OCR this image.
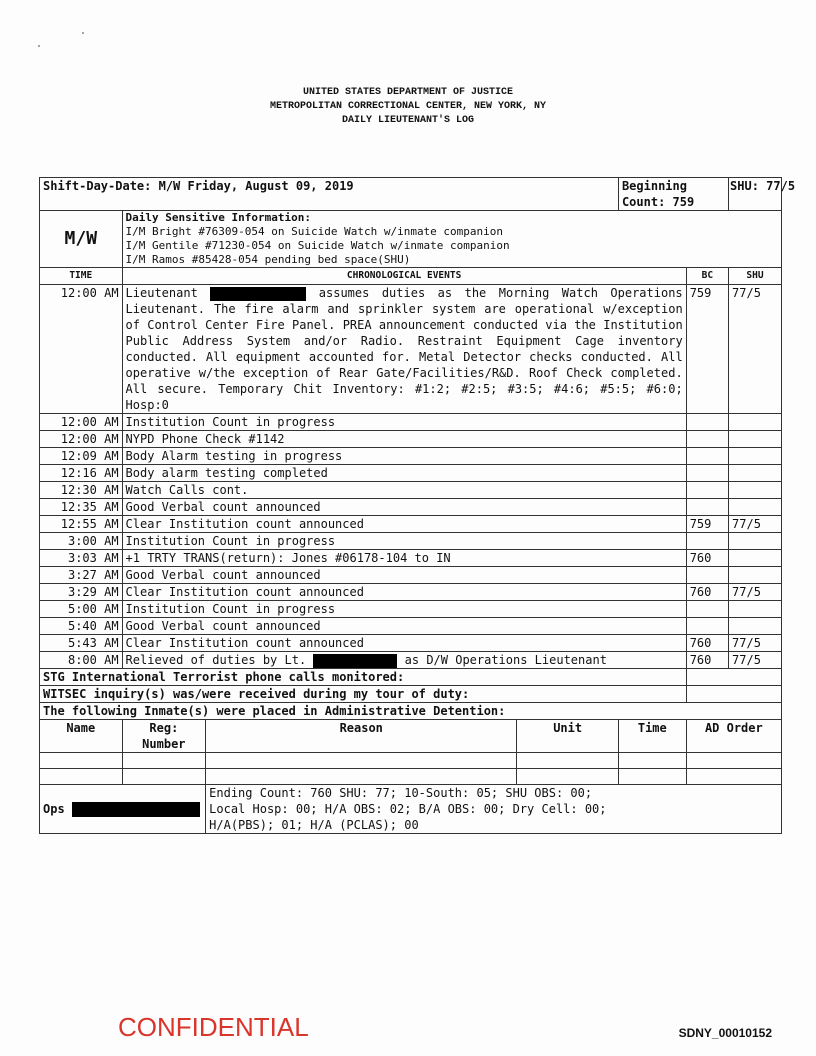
UNITED STATES DEPARTMENT OF JUSTICE
METROPOLITAN CORRECTIONAL CENTER, NEW YORK, NY
DAILY LIEUTENANT'S LOG
Shift-Day-Date: M/W Friday, August 09, 2019				Beginning Count: 759		SHU: 77/5
M/W	Daily Sensitive Information:
I/M Bright #76309-054 on Suicide Watch w/inmate companion
I/M Gentile #71230-054 on Suicide Watch w/inmate companion
I/M Ramos #85428-054 pending bed space(SHU)					

TIME	CHRONOLOGICAL EVENTS				BC	SHU
12:00 AM	Lieutenant assumes duties as the Morning Watch Operations Lieutenant. The fire alarm and sprinkler system are operational w/exception of Control Center Fire Panel. PREA announcement conducted via the Institution Public Address System and/or Radio. Restraint Equipment Cage inventory conducted. All equipment accounted for. Metal Detector checks conducted. All operative w/the exception of Rear Gate/Facilities/R&D. Roof Check completed. All secure. Temporary Chit Inventory: #1:2; #2:5; #3:5; #4:6; #5:5; #6:0; Hosp:0				759	77/5
12:00 AM	Institution Count in progress					
12:00 AM	NYPD Phone Check #1142					
12:09 AM	Body Alarm testing in progress					
12:16 AM	Body alarm testing completed					
12:30 AM	Watch Calls cont.					
12:35 AM	Good Verbal count announced					
12:55 AM	Clear Institution count announced				759	77/5
3:00 AM	Institution Count in progress					
3:03 AM	+1 TRTY TRANS(return): Jones #06178-104 to IN				760	
3:27 AM	Good Verbal count announced					
3:29 AM	Clear Institution count announced				760	77/5
5:00 AM	Institution Count in progress					
5:40 AM	Good Verbal count announced					
5:43 AM	Clear Institution count announced				760	77/5
8:00 AM	Relieved of duties by Lt. as D/W Operations Lieutenant				760	77/5
STG International Terrorist phone calls monitored:						
WITSEC inquiry(s) was/were received during my tour of duty:						
The following Inmate(s) were placed in Administrative Detention:						
Name	Reg: Number	Reason	Unit	Time	AD Order	

Ops		Ending Count: 760 SHU: 77; 10-South: 05; SHU OBS: 00;
Local Hosp: 00; H/A OBS: 02; B/A OBS: 00; Dry Cell: 00;
H/A(PBS); 01; H/A (PCLAS); 00				
CONFIDENTIAL	SDNY_00010152
